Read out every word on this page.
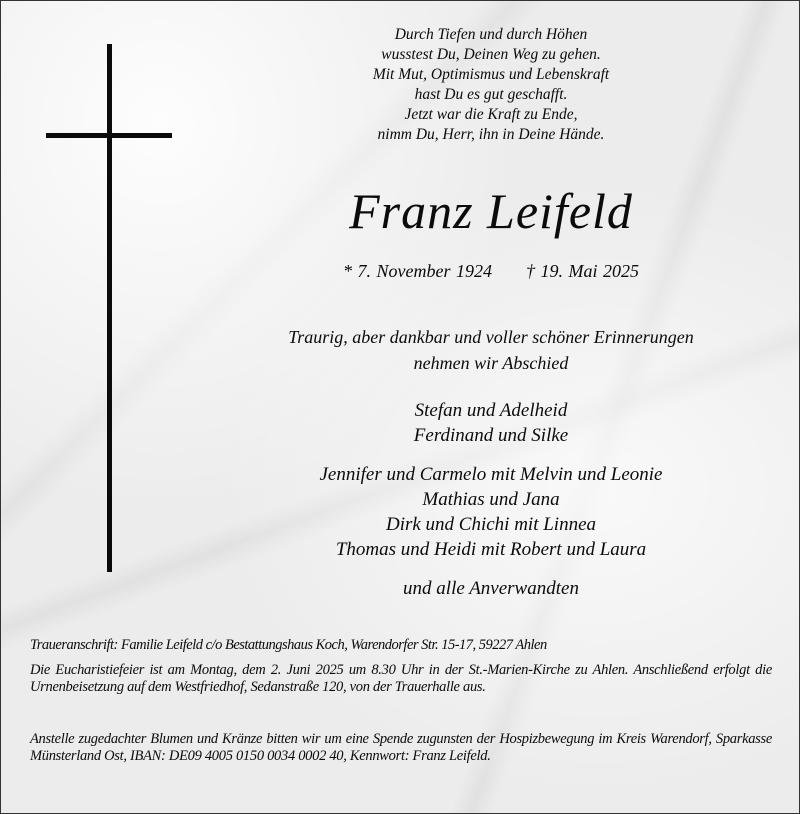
Durch Tiefen und durch Höhen
wusstest Du, Deinen Weg zu gehen.
Mit Mut, Optimismus und Lebenskraft
hast Du es gut geschafft.
Jetzt war die Kraft zu Ende,
nimm Du, Herr, ihn in Deine Hände.
Franz Leifeld
* 7. November 1924 † 19. Mai 2025
Traurig, aber dankbar und voller schöner Erinnerungen
nehmen wir Abschied
Stefan und Adelheid
Ferdinand und Silke
Jennifer und Carmelo mit Melvin und Leonie
Mathias und Jana
Dirk und Chichi mit Linnea
Thomas und Heidi mit Robert und Laura
und alle Anverwandten
Traueranschrift: Familie Leifeld c/o Bestattungshaus Koch, Warendorfer Str. 15-17, 59227 Ahlen

Die Eucharistiefeier ist am Montag, dem 2. Juni 2025 um 8.30 Uhr in der St.-Marien-Kirche zu Ahlen. Anschließend erfolgt die Urnenbeisetzung auf dem Westfriedhof, Sedanstraße 120, von der Trauerhalle aus.

Anstelle zugedachter Blumen und Kränze bitten wir um eine Spende zugunsten der Hospizbewegung im Kreis Warendorf, Sparkasse Münsterland Ost, IBAN: DE09 4005 0150 0034 0002 40, Kennwort: Franz Leifeld.
